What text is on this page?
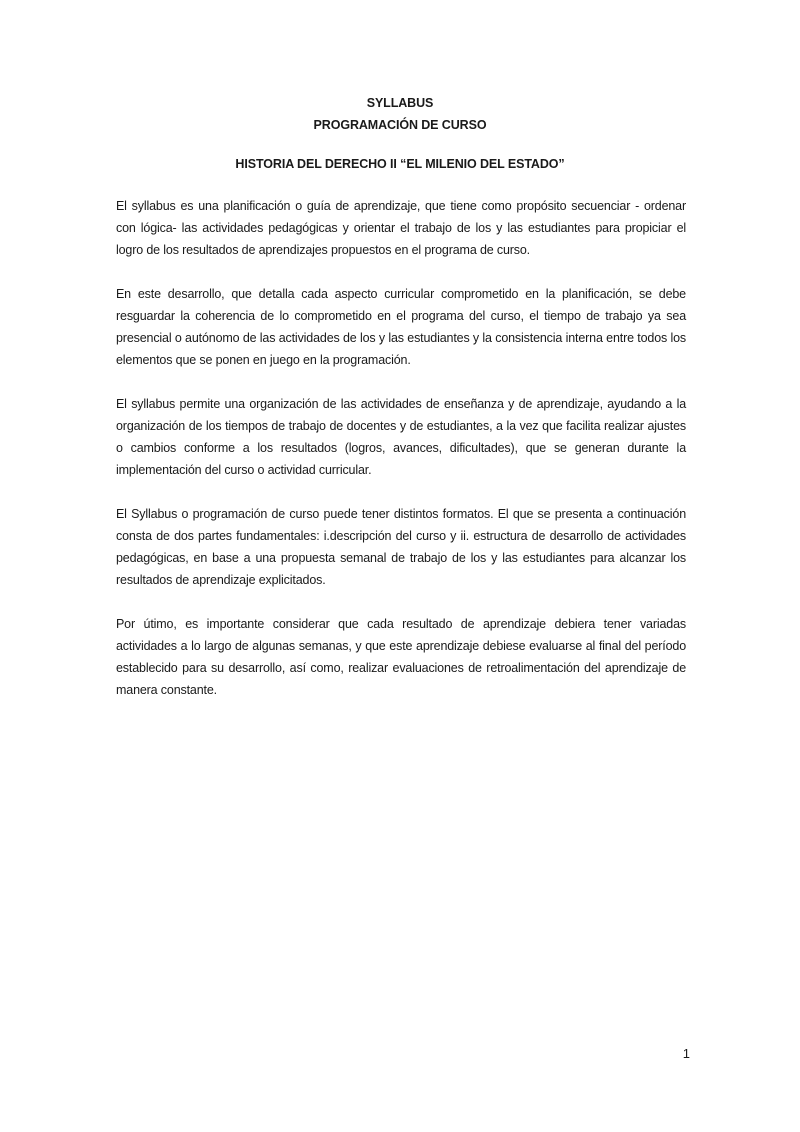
SYLLABUS
PROGRAMACIÓN DE CURSO
HISTORIA DEL DERECHO II “EL MILENIO DEL ESTADO”

El syllabus es una planificación o guía de aprendizaje, que tiene como propósito secuenciar - ordenar con lógica- las actividades pedagógicas y orientar el trabajo de los y las estudiantes para propiciar el logro de los resultados de aprendizajes propuestos en el programa de curso.

En este desarrollo, que detalla cada aspecto curricular comprometido en la planificación, se debe resguardar la coherencia de lo comprometido en el programa del curso, el tiempo de trabajo ya sea presencial o autónomo de las actividades de los y las estudiantes y la consistencia interna entre todos los elementos que se ponen en juego en la programación.

El syllabus permite una organización de las actividades de enseñanza y de aprendizaje, ayudando a la organización de los tiempos de trabajo de docentes y de estudiantes, a la vez que facilita realizar ajustes o cambios conforme a los resultados (logros, avances, dificultades), que se generan durante la implementación del curso o actividad curricular.

El Syllabus o programación de curso puede tener distintos formatos. El que se presenta a continuación consta de dos partes fundamentales: i.descripción del curso y ii. estructura de desarrollo de actividades pedagógicas, en base a una propuesta semanal de trabajo de los y las estudiantes para alcanzar los resultados de aprendizaje explicitados.

Por útimo, es importante considerar que cada resultado de aprendizaje debiera tener variadas actividades a lo largo de algunas semanas, y que este aprendizaje debiese evaluarse al final del período establecido para su desarrollo, así como, realizar evaluaciones de retroalimentación del aprendizaje de manera constante.

1
